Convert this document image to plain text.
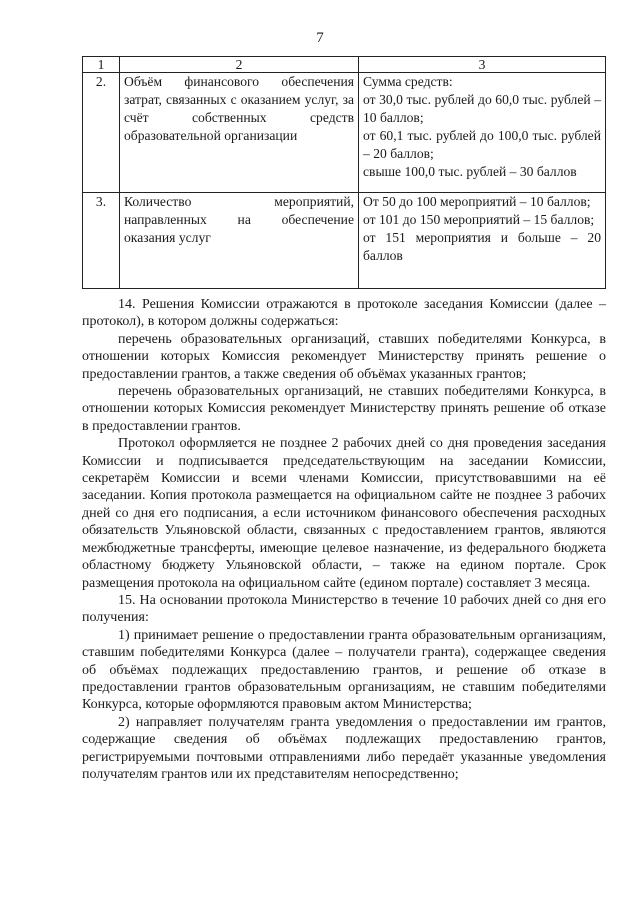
7
1	2	3
2.	Объём финансового обеспечения затрат, связанных с оказанием услуг, за счёт собственных средств образовательной организации	Сумма средств:
от 30,0 тыс. рублей до 60,0 тыс. рублей – 10 баллов;
от 60,1 тыс. рублей до 100,0 тыс. рублей – 20 баллов;
свыше 100,0 тыс. рублей – 30 баллов

3.	Количество мероприятий, направленных на обеспечение оказания услуг	От 50 до 100 мероприятий – 10 баллов;
от 101 до 150 мероприятий – 15 баллов;
от 151 мероприятия и больше – 20 баллов

14. Решения Комиссии отражаются в протоколе заседания Комиссии (далее – протокол), в котором должны содержаться:

перечень образовательных организаций, ставших победителями Конкурса, в отношении которых Комиссия рекомендует Министерству принять решение о предоставлении грантов, а также сведения об объёмах указанных грантов;

перечень образовательных организаций, не ставших победителями Конкурса, в отношении которых Комиссия рекомендует Министерству принять решение об отказе в предоставлении грантов.

Протокол оформляется не позднее 2 рабочих дней со дня проведения заседания Комиссии и подписывается председательствующим на заседании Комиссии, секретарём Комиссии и всеми членами Комиссии, присутствовавшими на её заседании. Копия протокола размещается на официальном сайте не позднее 3 рабочих дней со дня его подписания, а если источником финансового обеспечения расходных обязательств Ульяновской области, связанных с предоставлением грантов, являются межбюджетные трансферты, имеющие целевое назначение, из федерального бюджета областному бюджету Ульяновской области, – также на едином портале. Срок размещения протокола на официальном сайте (едином портале) составляет 3 месяца.

15. На основании протокола Министерство в течение 10 рабочих дней со дня его получения:

1) принимает решение о предоставлении гранта образовательным организациям, ставшим победителями Конкурса (далее – получатели гранта), содержащее сведения об объёмах подлежащих предоставлению грантов, и решение об отказе в предоставлении грантов образовательным организациям, не ставшим победителями Конкурса, которые оформляются правовым актом Министерства;

2) направляет получателям гранта уведомления о предоставлении им грантов, содержащие сведения об объёмах подлежащих предоставлению грантов, регистрируемыми почтовыми отправлениями либо передаёт указанные уведомления получателям грантов или их представителям непосредственно;
